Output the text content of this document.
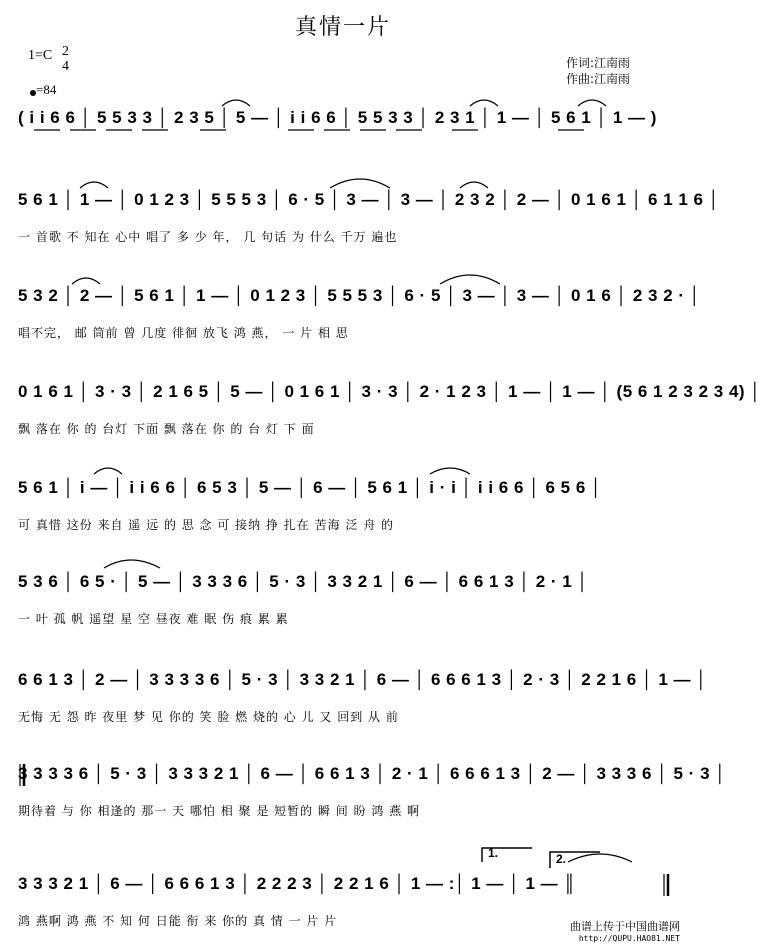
真情一片
1=C 2
4
=84
作词:江南雨
作曲:江南雨
( i i 6 6 │ 5 5 3 3 │ 2 3 5 │ 5 — │ i i 6 6 │ 5 5 3 3 │ 2 3 1 │ 1 — │ 5 6 1 │ 1 — )
5 6 1 │ 1 — │ 0 1 2 3 │ 5 5 5 3 │ 6 · 5 │ 3 — │ 3 — │ 2 3 2 │ 2 — │ 0 1 6 1 │ 6 1 1 6 │
一 首歌 不 知在 心中 唱了 多 少 年， 几 句话 为 什么 千万 遍也
5 3 2 │ 2 — │ 5 6 1 │ 1 — │ 0 1 2 3 │ 5 5 5 3 │ 6 · 5 │ 3 — │ 3 — │ 0 1 6 │ 2 3 2 · │
唱不完， 邮 筒前 曾 几度 徘徊 放飞 鸿 燕， 一 片 相 思
0 1 6 1 │ 3 · 3 │ 2 1 6 5 │ 5 — │ 0 1 6 1 │ 3 · 3 │ 2 · 1 2 3 │ 1 — │ 1 — │ (5 6 1 2 3 2 3 4) │
飘 落在 你 的 台灯 下面 飘 落在 你 的 台 灯 下 面
5 6 1 │ i — │ i i 6 6 │ 6 5 3 │ 5 — │ 6 — │ 5 6 1 │ i · i │ i i 6 6 │ 6 5 6 │
可 真惜 这份 来自 遥 远 的 思 念 可 接纳 挣 扎在 苦海 泛 舟 的
5 3 6 │ 6 5 · │ 5 — │ 3 3 3 6 │ 5 · 3 │ 3 3 2 1 │ 6 — │ 6 6 1 3 │ 2 · 1 │
一 叶 孤 帆 遥望 星 空 昼夜 难 眠 伤 痕 累 累
6 6 1 3 │ 2 — │ 3 3 3 3 6 │ 5 · 3 │ 3 3 2 1 │ 6 — │ 6 6 6 1 3 │ 2 · 3 │ 2 2 1 6 │ 1 — │
无悔 无 怨 昨 夜里 梦 见 你的 笑 脸 燃 烧的 心 儿 又 回到 从 前
3 3 3 3 6 │ 5 · 3 │ 3 3 3 2 1 │ 6 — │ 6 6 1 3 │ 2 · 1 │ 6 6 6 1 3 │ 2 — │ 3 3 3 6 │ 5 · 3 │
期待着 与 你 相逢的 那一 天 哪怕 相 聚 是 短暂的 瞬 间 盼 鸿 燕 啊
3 3 3 2 1 │ 6 — │ 6 6 6 1 3 │ 2 2 2 3 │ 2 2 1 6 │ 1 — :│ 1 — │ 1 — ║
鸿 燕啊 鸿 燕 不 知 何 日能 衔 来 你的 真 情 一 片 片
1.	2.
曲谱上传于中国曲谱网
http://QUPU.HAO81.NET
